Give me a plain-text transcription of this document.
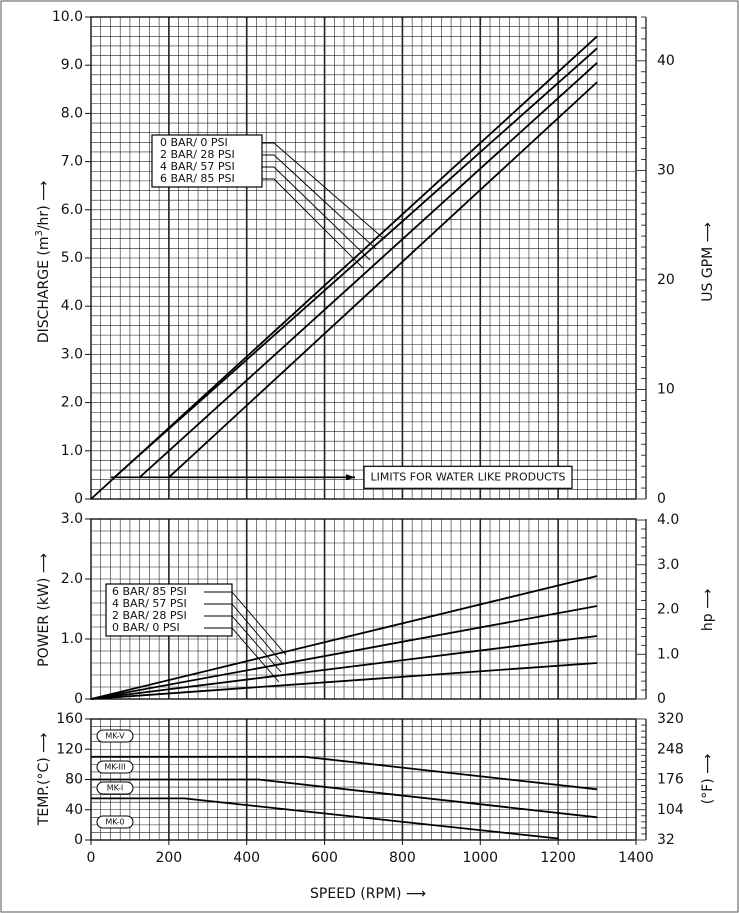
0
1.0
2.0
3.0
4.0
5.0
6.0
7.0
8.0
9.0
10.0
0
10
20
30
40
DISCHARGE $(m^3/hr)$ ⟶
US GPM ⟶
LIMITS FOR WATER LIKE PRODUCTS
0 BAR/ 0 PSI
2 BAR/ 28 PSI
4 BAR/ 57 PSI
6 BAR/ 85 PSI
0
1.0
2.0
3.0
0
1.0
2.0
3.0
4.0
POWER (kW) ⟶	hp ⟶
6 BAR/ 85 PSI
4 BAR/ 57 PSI
2 BAR/ 28 PSI
0 BAR/ 0 PSI
0
40
80
120
160
32
104
176
248
320
TEMP.(°C) ⟶	(°F) ⟶
MK-V
MK-III
MK-I
MK-0
0	200	400	600	800	1000	1200	1400
SPEED (RPM) ⟶
